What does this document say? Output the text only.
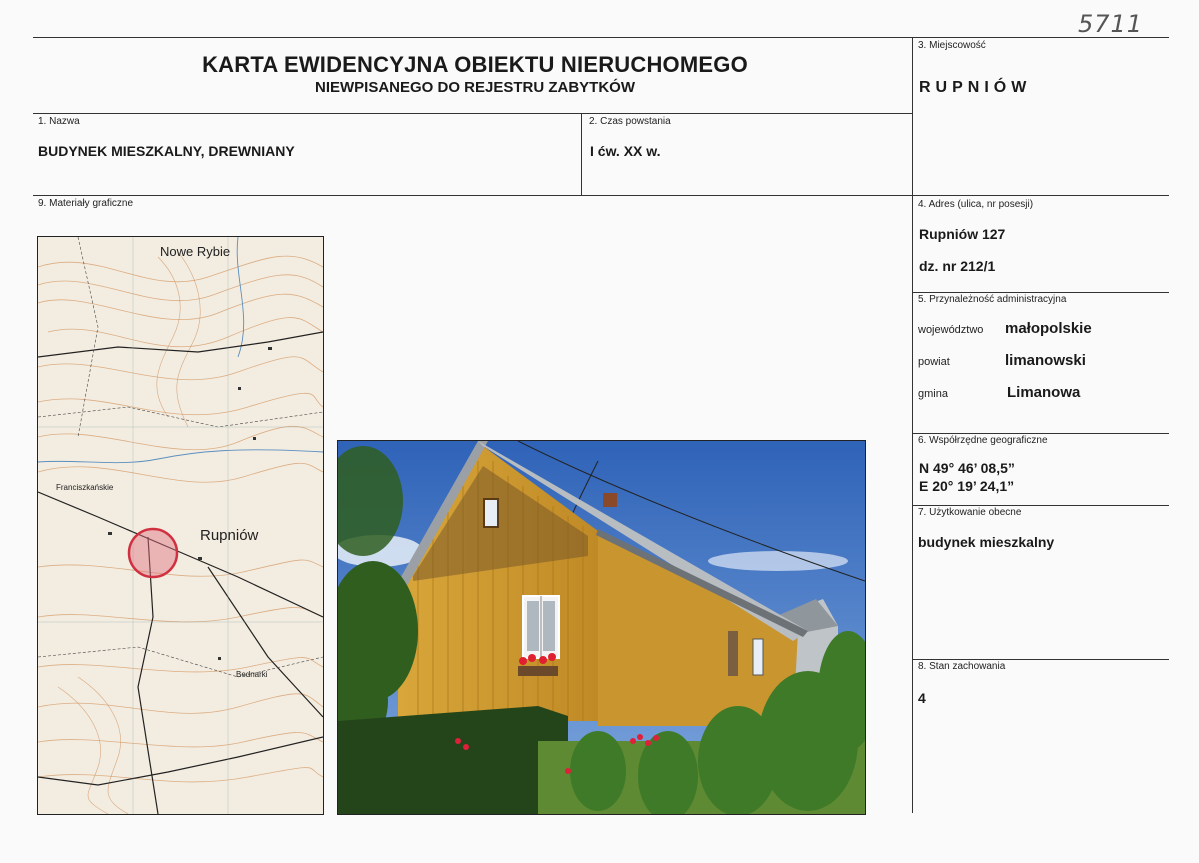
5711
KARTA EWIDENCYJNA OBIEKTU NIERUCHOMEGO
NIEWPISANEGO DO REJESTRU ZABYTKÓW
3. Miejscowość
RUPNIÓW
1. Nazwa
BUDYNEK MIESZKALNY, DREWNIANY
2. Czas powstania
I ćw. XX w.
9. Materiały graficzne	4. Adres (ulica, nr posesji)
Rupniów 127
dz. nr 212/1
5. Przynależność administracyjna
województwo małopolskie
powiat	limanowski
gmina	Limanowa
6. Współrzędne geograficzne
N 49° 46’ 08,5”
E 20° 19’ 24,1”
7. Użytkowanie obecne
budynek mieszkalny
8. Stan zachowania
4
Nowe Rybie
Rupniów
Franciszkańskie
Bednarki
